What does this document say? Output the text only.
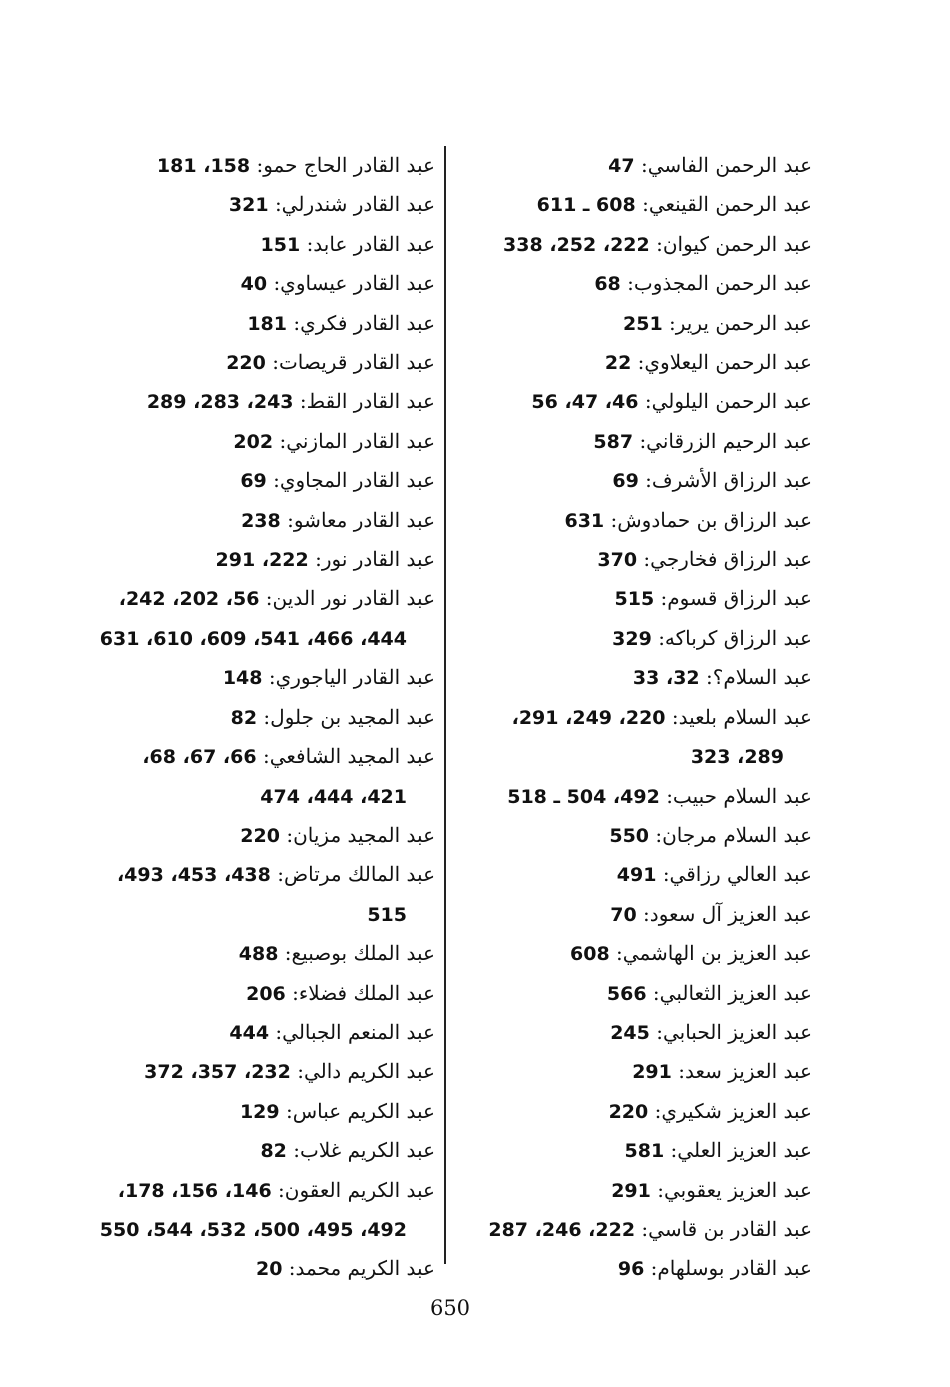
عبد الرحمن الفاسي: 47
عبد الرحمن القينعي: 608 ـ 611
عبد الرحمن كيوان: 222، 252، 338
عبد الرحمن المجذوب: 68
عبد الرحمن يرير: 251
عبد الرحمن اليعلاوي: 22
عبد الرحمن اليلولي: 46، 47، 56
عبد الرحيم الزرقاني: 587
عبد الرزاق الأشرف: 69
عبد الرزاق بن حمادوش: 631
عبد الرزاق فخارجي: 370
عبد الرزاق قسوم: 515
عبد الرزاق كرباكه: 329
عبد السلام؟: 32، 33
عبد السلام بلعيد: 220، 249، 291،
289، 323
عبد السلام حبيب: 492، 504 ـ 518
عبد السلام مرجان: 550
عبد العالي رزاقي: 491
عبد العزيز آل سعود: 70
عبد العزيز بن الهاشمي: 608
عبد العزيز الثعالبي: 566
عبد العزيز الحبابي: 245
عبد العزيز سعد: 291
عبد العزيز شكيري: 220
عبد العزيز العلي: 581
عبد العزيز يعقوبي: 291
عبد القادر بن قاسي: 222، 246، 287
عبد القادر بوسلهام: 96
عبد القادر الحاج حمو: 158، 181
عبد القادر شندرلي: 321
عبد القادر عابد: 151
عبد القادر عيساوي: 40
عبد القادر فكري: 181
عبد القادر قريصات: 220
عبد القادر القط: 243، 283، 289
عبد القادر المازني: 202
عبد القادر المجاوي: 69
عبد القادر معاشو: 238
عبد القادر نور: 222، 291
عبد القادر نور الدين: 56، 202، 242،
444، 466، 541، 609، 610، 631
عبد القادر الياجوري: 148
عبد المجيد بن جلول: 82
عبد المجيد الشافعي: 66، 67، 68،
421، 444، 474
عبد المجيد مزيان: 220
عبد المالك مرتاض: 438، 453، 493،
515
عبد الملك بوصبيع: 488
عبد الملك فضلاء: 206
عبد المنعم الجبالي: 444
عبد الكريم دالي: 232، 357، 372
عبد الكريم عباس: 129
عبد الكريم غلاب: 82
عبد الكريم العقون: 146، 156، 178،
492، 495، 500، 532، 544، 550
عبد الكريم محمد: 20
650
